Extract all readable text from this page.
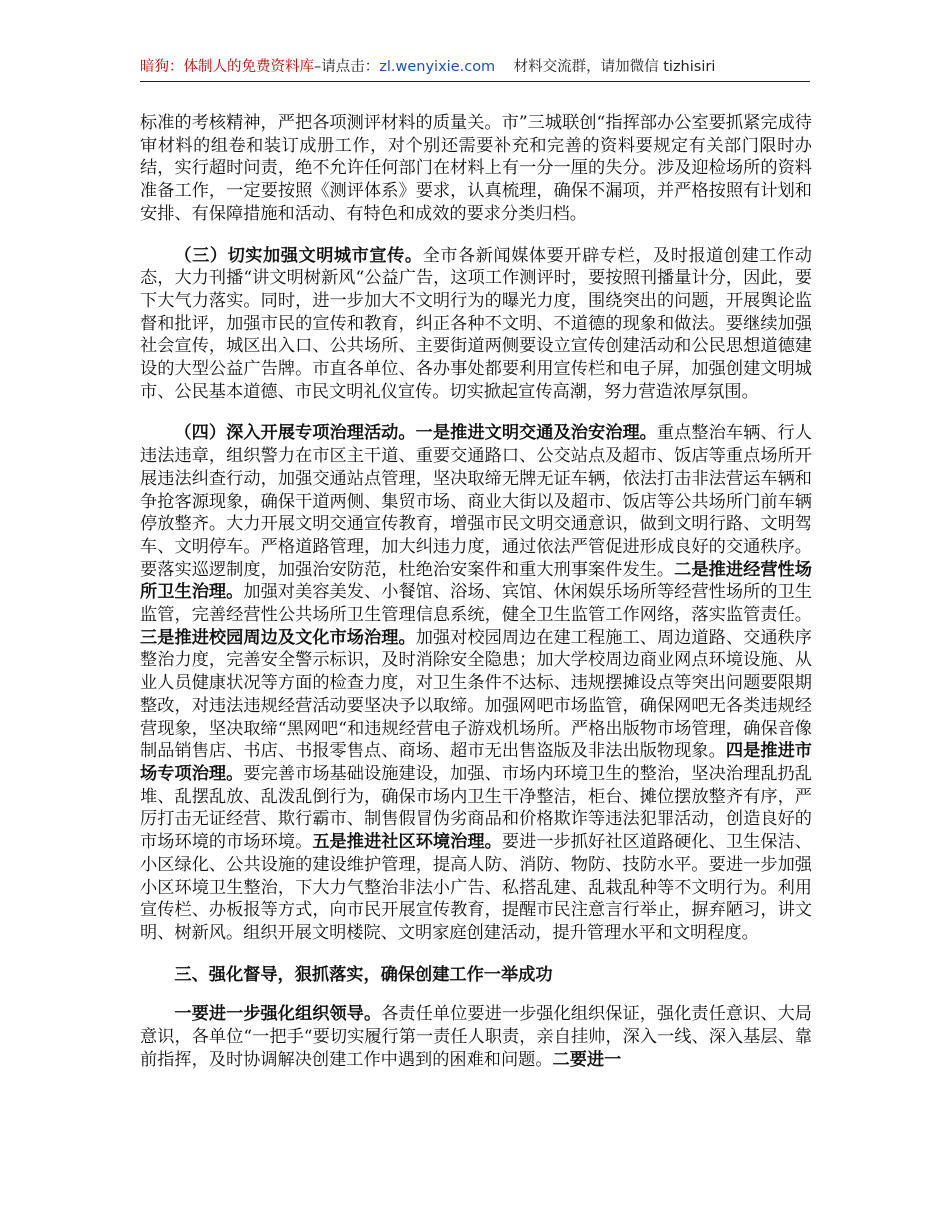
暗狗：体制人的免费资料库–请点击：zl.wenyixie.com 材料交流群，请加微信 tizhisiri

标准的考核精神，严把各项测评材料的质量关。市”三城联创“指挥部办公室要抓紧完成待审材料的组卷和装订成册工作，对个别还需要补充和完善的资料要规定有关部门限时办结，实行超时问责，绝不允许任何部门在材料上有一分一厘的失分。涉及迎检场所的资料准备工作，一定要按照《测评体系》要求，认真梳理，确保不漏项，并严格按照有计划和安排、有保障措施和活动、有特色和成效的要求分类归档。

（三）切实加强文明城市宣传。全市各新闻媒体要开辟专栏，及时报道创建工作动态，大力刊播“讲文明树新风“公益广告，这项工作测评时，要按照刊播量计分，因此，要下大气力落实。同时，进一步加大不文明行为的曝光力度，围绕突出的问题，开展舆论监督和批评，加强市民的宣传和教育，纠正各种不文明、不道德的现象和做法。要继续加强社会宣传，城区出入口、公共场所、主要街道两侧要设立宣传创建活动和公民思想道德建设的大型公益广告牌。市直各单位、各办事处都要利用宣传栏和电子屏，加强创建文明城市、公民基本道德、市民文明礼仪宣传。切实掀起宣传高潮，努力营造浓厚氛围。

（四）深入开展专项治理活动。一是推进文明交通及治安治理。重点整治车辆、行人违法违章，组织警力在市区主干道、重要交通路口、公交站点及超市、饭店等重点场所开展违法纠查行动，加强交通站点管理，坚决取缔无牌无证车辆，依法打击非法营运车辆和争抢客源现象，确保干道两侧、集贸市场、商业大街以及超市、饭店等公共场所门前车辆停放整齐。大力开展文明交通宣传教育，增强市民文明交通意识，做到文明行路、文明驾车、文明停车。严格道路管理，加大纠违力度，通过依法严管促进形成良好的交通秩序。要落实巡逻制度，加强治安防范，杜绝治安案件和重大刑事案件发生。二是推进经营性场所卫生治理。加强对美容美发、小餐馆、浴场、宾馆、休闲娱乐场所等经营性场所的卫生监管，完善经营性公共场所卫生管理信息系统，健全卫生监管工作网络，落实监管责任。三是推进校园周边及文化市场治理。加强对校园周边在建工程施工、周边道路、交通秩序整治力度，完善安全警示标识，及时消除安全隐患；加大学校周边商业网点环境设施、从业人员健康状况等方面的检查力度，对卫生条件不达标、违规摆摊设点等突出问题要限期整改，对违法违规经营活动要坚决予以取缔。加强网吧市场监管，确保网吧无各类违规经营现象，坚决取缔“黑网吧“和违规经营电子游戏机场所。严格出版物市场管理，确保音像制品销售店、书店、书报零售点、商场、超市无出售盗版及非法出版物现象。四是推进市场专项治理。要完善市场基础设施建设，加强、市场内环境卫生的整治，坚决治理乱扔乱堆、乱摆乱放、乱泼乱倒行为，确保市场内卫生干净整洁，柜台、摊位摆放整齐有序，严厉打击无证经营、欺行霸市、制售假冒伪劣商品和价格欺诈等违法犯罪活动，创造良好的市场环境的市场环境。五是推进社区环境治理。要进一步抓好社区道路硬化、卫生保洁、小区绿化、公共设施的建设维护管理，提高人防、消防、物防、技防水平。要进一步加强小区环境卫生整治，下大力气整治非法小广告、私搭乱建、乱栽乱种等不文明行为。利用宣传栏、办板报等方式，向市民开展宣传教育，提醒市民注意言行举止，摒弃陋习，讲文明、树新风。组织开展文明楼院、文明家庭创建活动，提升管理水平和文明程度。

三、强化督导，狠抓落实，确保创建工作一举成功

一要进一步强化组织领导。各责任单位要进一步强化组织保证，强化责任意识、大局意识，各单位“一把手“要切实履行第一责任人职责，亲自挂帅，深入一线、深入基层、靠前指挥，及时协调解决创建工作中遇到的困难和问题。二要进一
